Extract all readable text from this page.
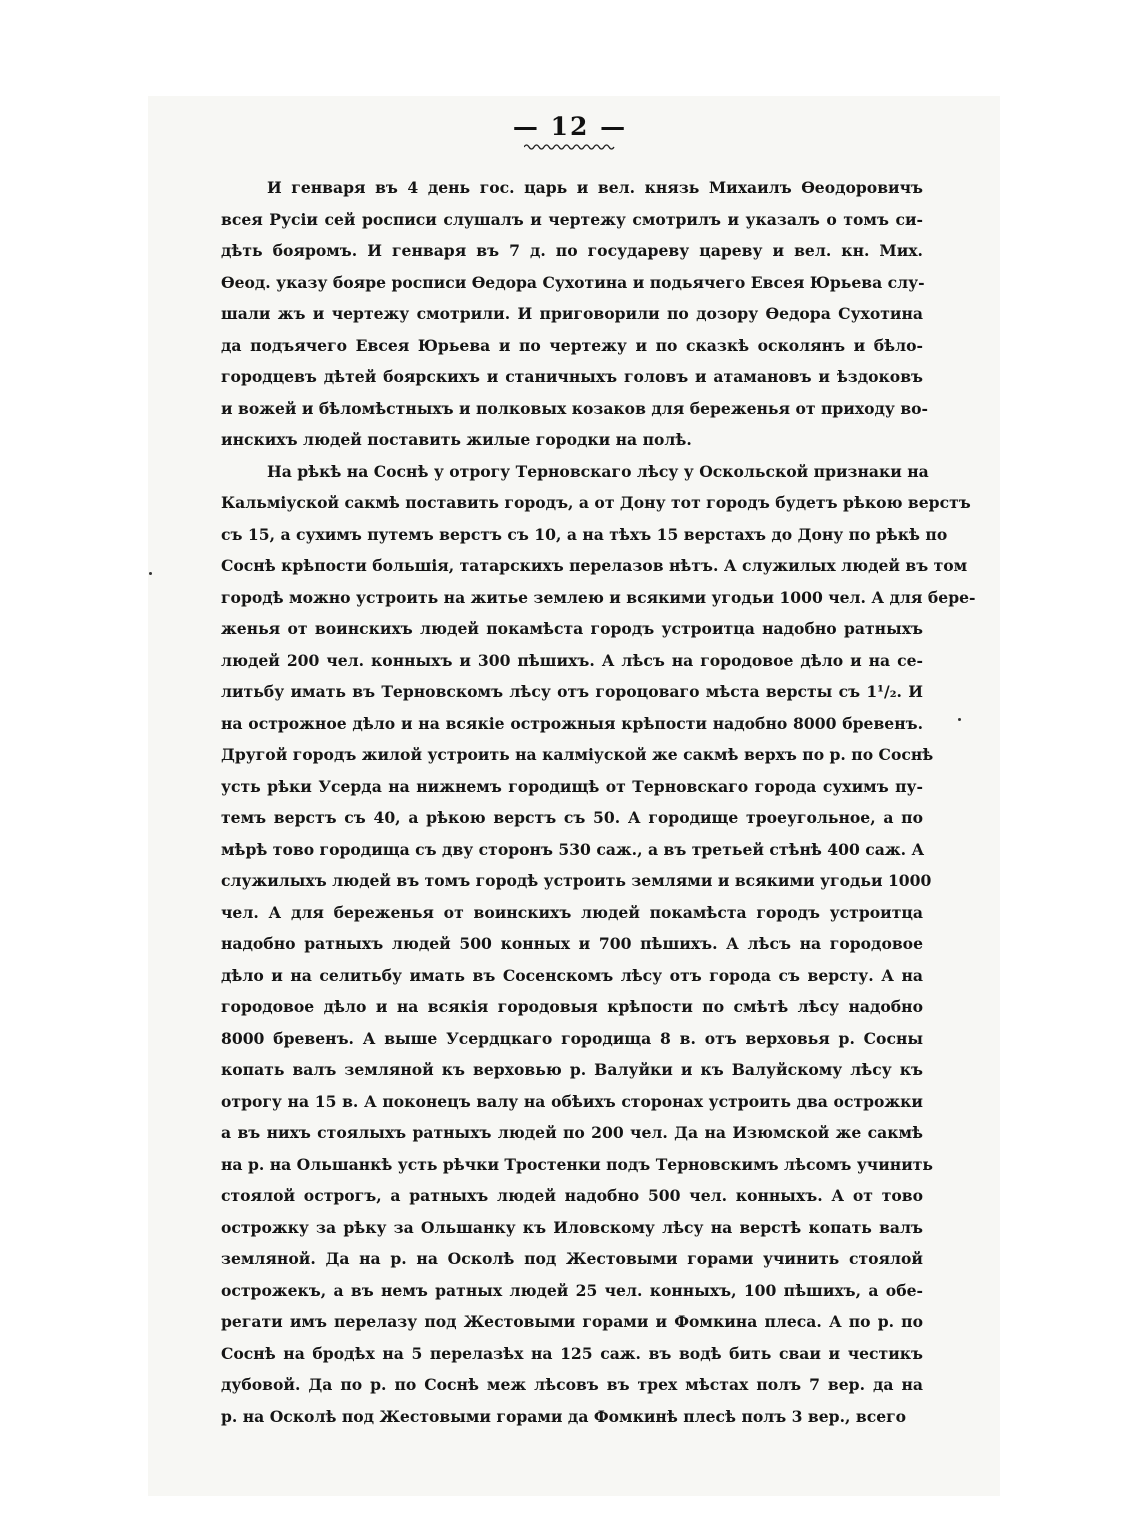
— 12 —
И генваря въ 4 день гос. царь и вел. князь Михаилъ Ѳеодоровичъ
всея Русіи сей росписи слушалъ и чертежу смотрилъ и указалъ о томъ си-
дѣть бояромъ. И генваря въ 7 д. по государеву цареву и вел. кн. Мих.
Ѳеод. указу бояре росписи Ѳедора Сухотина и подьячего Евсея Юрьева слу-
шали жъ и чертежу смотрили. И приговорили по дозору Ѳедора Сухотина
да подъячего Евсея Юрьева и по чертежу и по сказкѣ осколянъ и бѣло-
городцевъ дѣтей боярскихъ и станичныхъ головъ и атамановъ и ѣздоковъ
и вожей и бѣломѣстныхъ и полковых козаков для береженья от приходу во-
инскихъ людей поставить жилые городки на полѣ.
На рѣкѣ на Соснѣ у отрогу Терновскаго лѣсу у Оскольской признаки на
Кальміуской сакмѣ поставить городъ, а от Дону тот городъ будетъ рѣкою верстъ
съ 15, а сухимъ путемъ верстъ съ 10, а на тѣхъ 15 верстахъ до Дону по рѣкѣ по
Соснѣ крѣпости большія, татарскихъ перелазов нѣтъ. А служилых людей въ том
городѣ можно устроить на житье землею и всякими угодьи 1000 чел. А для бере-
женья от воинскихъ людей покамѣста городъ устроитца надобно ратныхъ
людей 200 чел. конныхъ и 300 пѣшихъ. А лѣсъ на городовое дѣло и на се-
литьбу имать въ Терновскомъ лѣсу отъ гороцоваго мѣста версты съ 1¹/₂. И
на острожное дѣло и на всякіе острожныя крѣпости надобно 8000 бревенъ.
Другой городъ жилой устроить на калміуской же сакмѣ верхъ по р. по Соснѣ
усть рѣки Усерда на нижнемъ городищѣ от Терновскаго города сухимъ пу-
темъ верстъ съ 40, а рѣкою верстъ съ 50. А городище троеугольное, а по
мѣрѣ тово городища съ дву сторонъ 530 саж., а въ третьей стѣнѣ 400 саж. А
служилыхъ людей въ томъ городѣ устроить землями и всякими угодьи 1000
чел. А для береженья от воинскихъ людей покамѣста городъ устроитца
надобно ратныхъ людей 500 конных и 700 пѣшихъ. А лѣсъ на городовое
дѣло и на селитьбу имать въ Сосенскомъ лѣсу отъ города съ версту. А на
городовое дѣло и на всякія городовыя крѣпости по смѣтѣ лѣсу надобно
8000 бревенъ. А выше Усердцкаго городища 8 в. отъ верховья р. Сосны
копать валъ земляной къ верховью р. Валуйки и къ Валуйскому лѣсу къ
отрогу на 15 в. А поконецъ валу на обѣихъ сторонах устроить два острожки
а въ нихъ стоялыхъ ратныхъ людей по 200 чел. Да на Изюмской же сакмѣ
на р. на Ольшанкѣ усть рѣчки Тростенки подъ Терновскимъ лѣсомъ учинить
стоялой острогъ, а ратныхъ людей надобно 500 чел. конныхъ. А от тово
острожку за рѣку за Ольшанку къ Иловскому лѣсу на верстѣ копать валъ
земляной. Да на р. на Осколѣ под Жестовыми горами учинить стоялой
острожекъ, а въ немъ ратных людей 25 чел. конныхъ, 100 пѣшихъ, а обе-
регати имъ перелазу под Жестовыми горами и Фомкина плеса. А по р. по
Соснѣ на бродѣх на 5 перелазѣх на 125 саж. въ водѣ бить сваи и честикъ
дубовой. Да по р. по Соснѣ меж лѣсовъ въ трех мѣстах полъ 7 вер. да на
р. на Осколѣ под Жестовыми горами да Фомкинѣ плесѣ полъ 3 вер., всего
